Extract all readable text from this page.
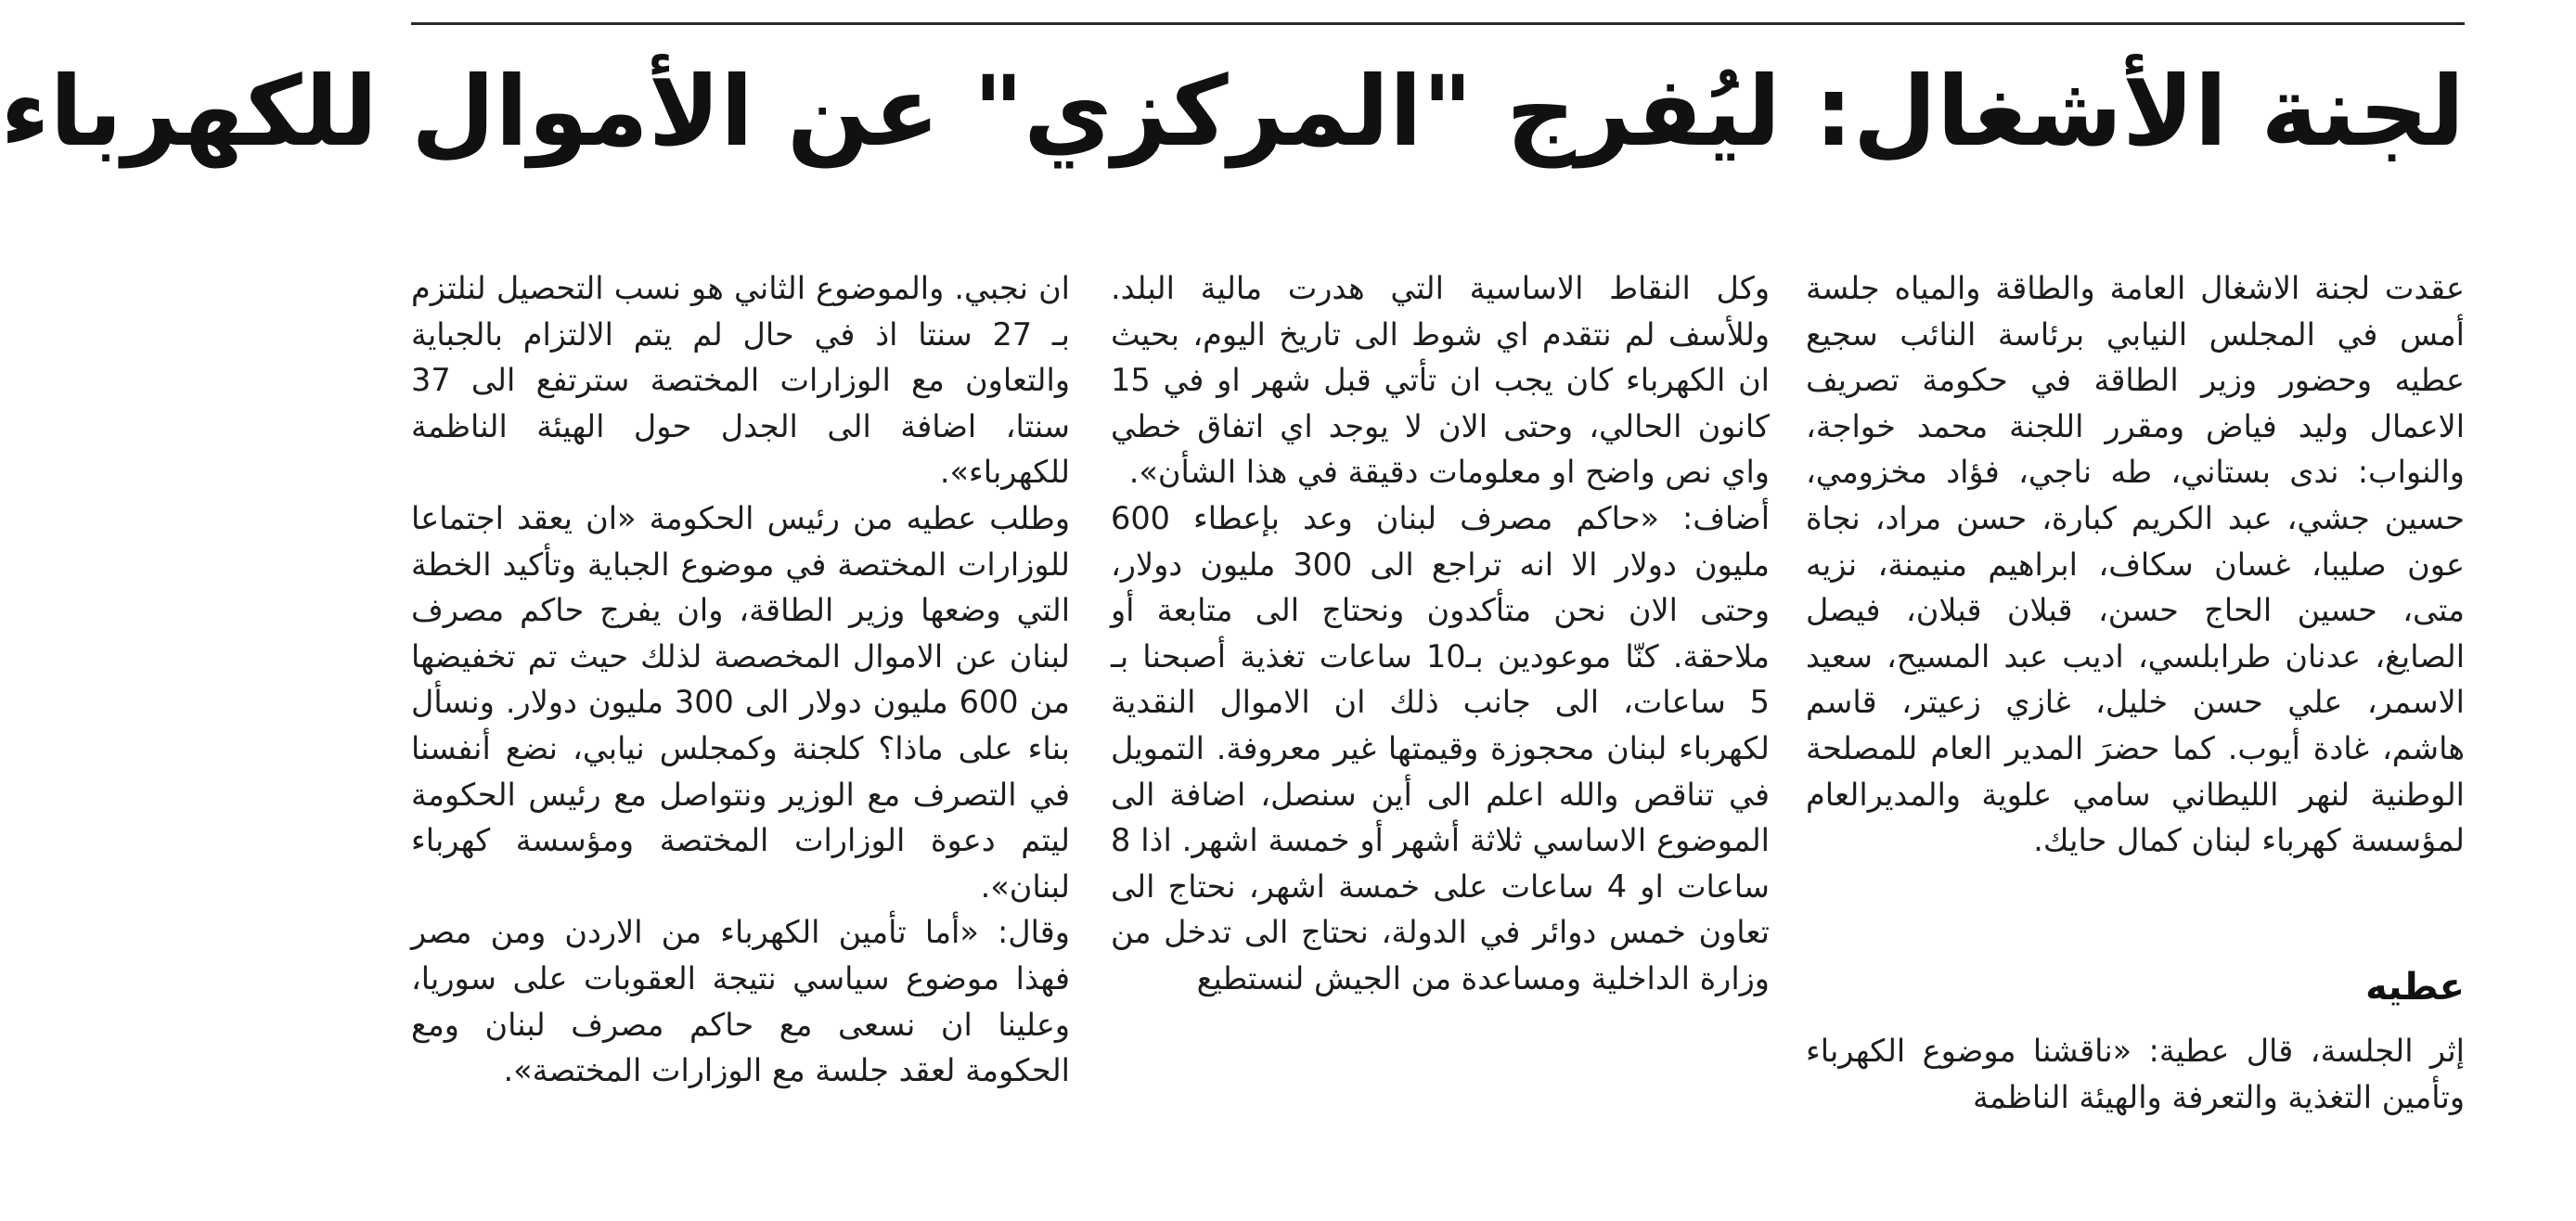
لجنة الأشغال: ليُفرج "المركزي" عن الأموال للكهرباء

عقدت لجنة الاشغال العامة والطاقة والمياه جلسة أمس في المجلس النيابي برئاسة النائب سجيع عطيه وحضور وزير الطاقة في حكومة تصريف الاعمال وليد فياض ومقرر اللجنة محمد خواجة، والنواب: ندى بستاني، طه ناجي، فؤاد مخزومي، حسين جشي، عبد الكريم كبارة، حسن مراد، نجاة عون صليبا، غسان سكاف، ابراهيم منيمنة، نزيه متى، حسين الحاج حسن، قبلان قبلان، فيصل الصايغ، عدنان طرابلسي، اديب عبد المسيح، سعيد الاسمر، علي حسن خليل، غازي زعيتر، قاسم هاشم، غادة أيوب. كما حضرَ المدير العام للمصلحة الوطنية لنهر الليطاني سامي علوية والمديرالعام لمؤسسة كهرباء لبنان كمال حايك.

عطيه

إثر الجلسة، قال عطية: «ناقشنا موضوع الكهرباء وتأمين التغذية والتعرفة والهيئة الناظمة

وكل النقاط الاساسية التي هدرت مالية البلد. وللأسف لم نتقدم اي شوط الى تاريخ اليوم، بحيث ان الكهرباء كان يجب ان تأتي قبل شهر او في 15 كانون الحالي، وحتى الان لا يوجد اي اتفاق خطي واي نص واضح او معلومات دقيقة في هذا الشأن».

أضاف: «حاكم مصرف لبنان وعد بإعطاء 600 مليون دولار الا انه تراجع الى 300 مليون دولار، وحتى الان نحن متأكدون ونحتاج الى متابعة أو ملاحقة. كنّا موعودين بـ10 ساعات تغذية أصبحنا بـ 5 ساعات، الى جانب ذلك ان الاموال النقدية لكهرباء لبنان محجوزة وقيمتها غير معروفة. التمويل في تناقص والله اعلم الى أين سنصل، اضافة الى الموضوع الاساسي ثلاثة أشهر أو خمسة اشهر. اذا 8 ساعات او 4 ساعات على خمسة اشهر، نحتاج الى تعاون خمس دوائر في الدولة، نحتاج الى تدخل من وزارة الداخلية ومساعدة من الجيش لنستطيع

ان نجبي. والموضوع الثاني هو نسب التحصيل لنلتزم بـ 27 سنتا اذ في حال لم يتم الالتزام بالجباية والتعاون مع الوزارات المختصة سترتفع الى 37 سنتا، اضافة الى الجدل حول الهيئة الناظمة للكهرباء».

وطلب عطيه من رئيس الحكومة «ان يعقد اجتماعا للوزارات المختصة في موضوع الجباية وتأكيد الخطة التي وضعها وزير الطاقة، وان يفرج حاكم مصرف لبنان عن الاموال المخصصة لذلك حيث تم تخفيضها من 600 مليون دولار الى 300 مليون دولار. ونسأل بناء على ماذا؟ كلجنة وكمجلس نيابي، نضع أنفسنا في التصرف مع الوزير ونتواصل مع رئيس الحكومة ليتم دعوة الوزارات المختصة ومؤسسة كهرباء لبنان».

وقال: «أما تأمين الكهرباء من الاردن ومن مصر فهذا موضوع سياسي نتيجة العقوبات على سوريا، وعلينا ان نسعى مع حاكم مصرف لبنان ومع الحكومة لعقد جلسة مع الوزارات المختصة».
